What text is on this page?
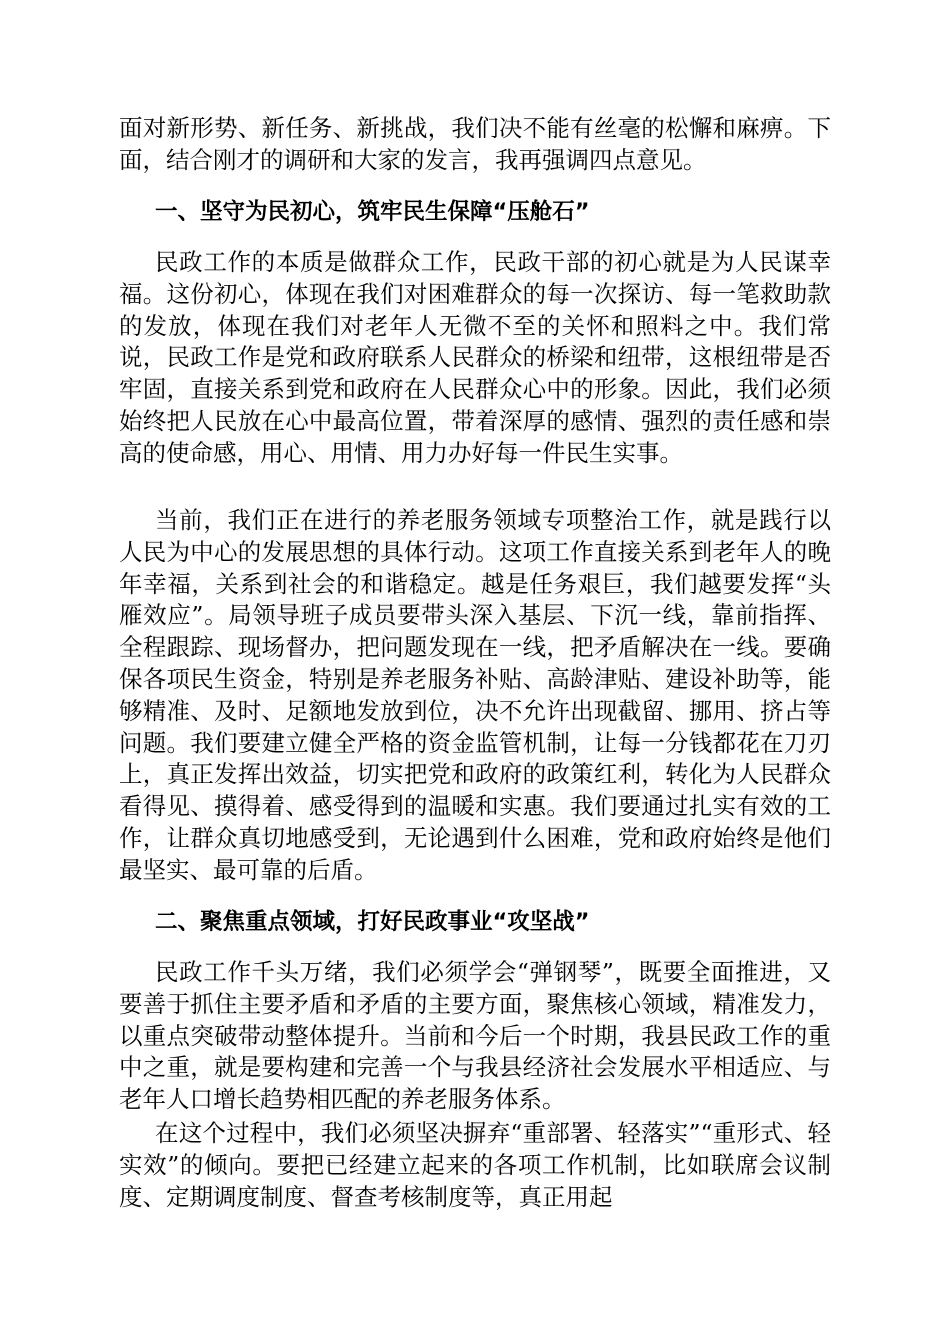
面对新形势、新任务、新挑战，我们决不能有丝毫的松懈和麻痹。下面，结合刚才的调研和大家的发言，我再强调四点意见。

一、坚守为民初心，筑牢民生保障“压舱石”

民政工作的本质是做群众工作，民政干部的初心就是为人民谋幸福。这份初心，体现在我们对困难群众的每一次探访、每一笔救助款的发放，体现在我们对老年人无微不至的关怀和照料之中。我们常说，民政工作是党和政府联系人民群众的桥梁和纽带，这根纽带是否牢固，直接关系到党和政府在人民群众心中的形象。因此，我们必须始终把人民放在心中最高位置，带着深厚的感情、强烈的责任感和崇高的使命感，用心、用情、用力办好每一件民生实事。

当前，我们正在进行的养老服务领域专项整治工作，就是践行以人民为中心的发展思想的具体行动。这项工作直接关系到老年人的晚年幸福，关系到社会的和谐稳定。越是任务艰巨，我们越要发挥“头雁效应”。局领导班子成员要带头深入基层、下沉一线，靠前指挥、全程跟踪、现场督办，把问题发现在一线，把矛盾解决在一线。要确保各项民生资金，特别是养老服务补贴、高龄津贴、建设补助等，能够精准、及时、足额地发放到位，决不允许出现截留、挪用、挤占等问题。我们要建立健全严格的资金监管机制，让每一分钱都花在刀刃上，真正发挥出效益，切实把党和政府的政策红利，转化为人民群众看得见、摸得着、感受得到的温暖和实惠。我们要通过扎实有效的工作，让群众真切地感受到，无论遇到什么困难，党和政府始终是他们最坚实、最可靠的后盾。

二、聚焦重点领域，打好民政事业“攻坚战”

民政工作千头万绪，我们必须学会“弹钢琴”，既要全面推进，又要善于抓住主要矛盾和矛盾的主要方面，聚焦核心领域，精准发力，以重点突破带动整体提升。当前和今后一个时期，我县民政工作的重中之重，就是要构建和完善一个与我县经济社会发展水平相适应、与老年人口增长趋势相匹配的养老服务体系。

在这个过程中，我们必须坚决摒弃“重部署、轻落实”“重形式、轻实效”的倾向。要把已经建立起来的各项工作机制，比如联席会议制度、定期调度制度、督查考核制度等，真正用起
